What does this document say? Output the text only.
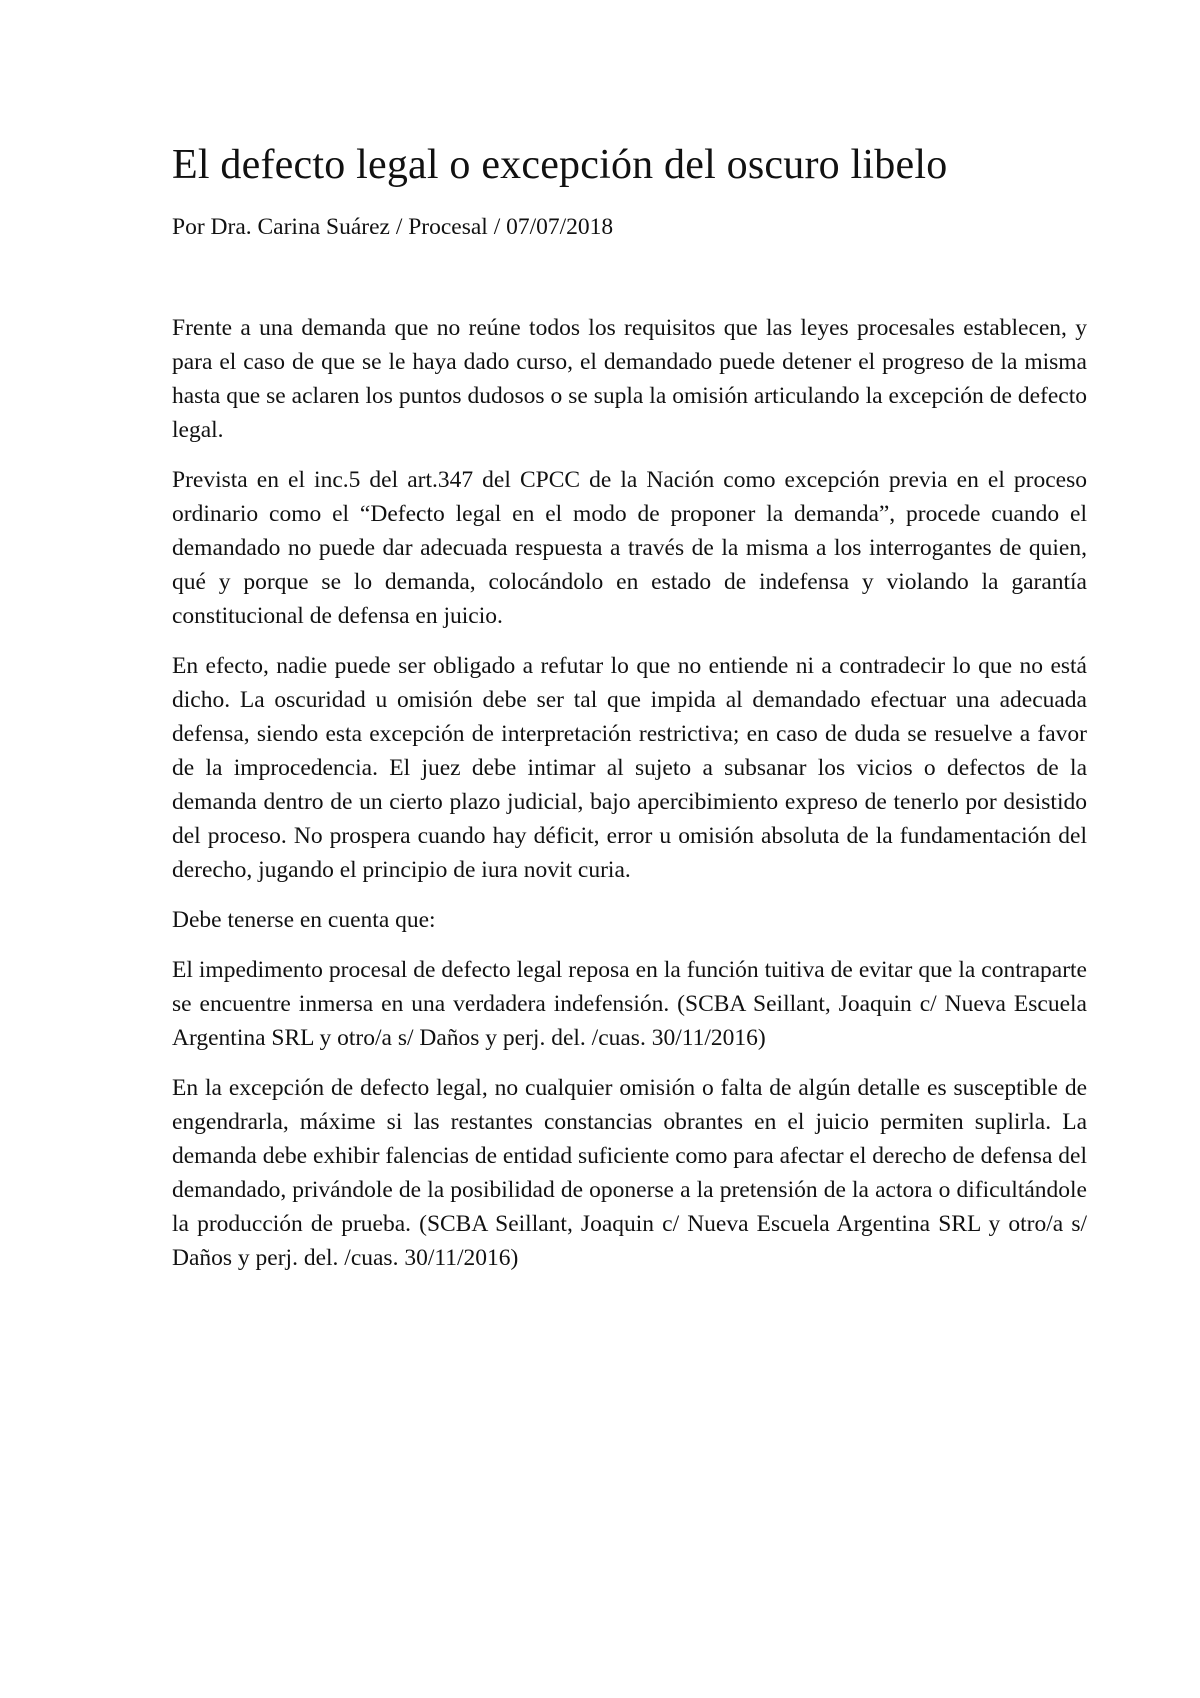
El defecto legal o excepción del oscuro libelo
Por Dra. Carina Suárez / Procesal / 07/07/2018

Frente a una demanda que no reúne todos los requisitos que las leyes procesales establecen, y para el caso de que se le haya dado curso, el demandado puede detener el progreso de la misma hasta que se aclaren los puntos dudosos o se supla la omisión articulando la excepción de defecto legal.

Prevista en el inc.5 del art.347 del CPCC de la Nación como excepción previa en el proceso ordinario como el “Defecto legal en el modo de proponer la demanda”, procede cuando el demandado no puede dar adecuada respuesta a través de la misma a los interrogantes de quien, qué y porque se lo demanda, colocándolo en estado de indefensa y violando la garantía constitucional de defensa en juicio.

En efecto, nadie puede ser obligado a refutar lo que no entiende ni a contradecir lo que no está dicho. La oscuridad u omisión debe ser tal que impida al demandado efectuar una adecuada defensa, siendo esta excepción de interpretación restrictiva; en caso de duda se resuelve a favor de la improcedencia. El juez debe intimar al sujeto a subsanar los vicios o defectos de la demanda dentro de un cierto plazo judicial, bajo apercibimiento expreso de tenerlo por desistido del proceso. No prospera cuando hay déficit, error u omisión absoluta de la fundamentación del derecho, jugando el principio de iura novit curia.

Debe tenerse en cuenta que:

El impedimento procesal de defecto legal reposa en la función tuitiva de evitar que la contraparte se encuentre inmersa en una verdadera indefensión. (SCBA Seillant, Joaquin c/ Nueva Escuela Argentina SRL y otro/a s/ Daños y perj. del. /cuas. 30/11/2016)

En la excepción de defecto legal, no cualquier omisión o falta de algún detalle es susceptible de engendrarla, máxime si las restantes constancias obrantes en el juicio permiten suplirla. La demanda debe exhibir falencias de entidad suficiente como para afectar el derecho de defensa del demandado, privándole de la posibilidad de oponerse a la pretensión de la actora o dificultándole la producción de prueba. (SCBA Seillant, Joaquin c/ Nueva Escuela Argentina SRL y otro/a s/ Daños y perj. del. /cuas. 30/11/2016)
